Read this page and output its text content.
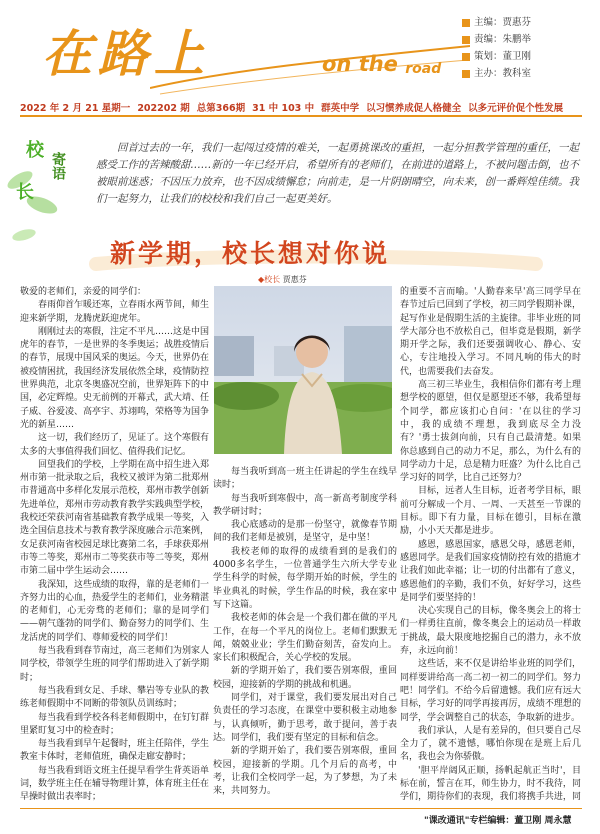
在路上	on the road
主编： 贾惠芬
责编： 朱鹏举
策划： 董卫刚
主办： 教科室
2022 年 2 月 21 星期一 202202 期 总第366期 31 中 103 中 群英中学 以习惯养成促人格健全 以多元评价促个性发展
校
长
寄语
回首过去的一年，我们一起闯过疫情的难关，一起勇挑课改的重担，一起分担教学管理的重任，一起感受工作的苦辣酸甜……新的一年已经开启，希望所有的老师们，在前进的道路上，不被问题击倒，也不被眼前迷惑；不因压力放弃，也不因成绩懈怠；向前走，是一片阴朗晴空，向未来，创一番辉煌佳绩。我们一起努力，让我们的校校和我们自己一起更美好。
新学期，校长想对你说
◆校长 贾惠芬

敬爱的老师们，亲爱的同学们：

春雨仰首乍暖还寒，立春雨水两节间，师生迎来新学期，龙腾虎跃迎虎年。

刚刚过去的寒假，注定不平凡……这是中国虎年的春节，一是世界的冬季奥运；战胜疫情后的春节，展现中国风采的奥运。今天，世界仍在被疫情困扰，我国经济发展依然全球，疫情防控世界典范，北京冬奥盛况空前，世界矩阵下的中国，必定辉煌。史无前例的开幕式，武大靖、任子威、谷爱凌、高亭宇、苏翊鸣，荣格等为国争光的新星……

这一切，我们经历了，见证了。这个寒假有太多的大事值得我们回忆、值得我们记忆。

回望我们的学校，上学期在高中招生进入郑州市第一批录取之后，我校又被评为第二批郑州市普通高中多样化发展示范校，郑州市教学创新先进单位，郑州市劳动教育教学实践典型学校，我校还荣获河南省基础教育教学成果一等奖，入选全国信息技术与教育教学深度融合示范案例，女足获河南省校园足球比赛第二名，手球获郑州市等二等奖，郑州市二等奖获市等二等奖，郑州市第二届中学生运动会……

我深知，这些成绩的取得，靠的是老师们一齐努力出的心血，热爱学生的老师们，业务精湛的老师们，心无旁骛的老师们；靠的是同学们——朝气蓬勃的同学们、勤奋努力的同学们、生龙活虎的同学们、尊师爱校的同学们！

每当我看到春节南过，高三老师们为别家人同学校，带领学生班的同学们帮助进入了新学期时；

每当我看到女足、手球、攀岩等专业队的教练老师假期中不同断的带领队员训练时；

每当我看到学校各科老师假期中，在钉钉群里紧盯复习中的检查时；

每当我看到早午起餐时，班主任陪伴，学生教室卡体时，老师值班，确保走廊安静时；

每当我看到语文班主任提早看学生背英语单词，数学班主任在辅导物理计算，体育班主任在早操时做出表率时；

每当我听到高一班主任讲起的学生在线早读时；

每当我听到寒假中，高一新高考制度学科教学研讨时；

我心底感动的是那一份坚守，就像春节期间的我们老师是被别，是坚守，是中坚！

我校老师的取得的成绩看到的是我们的4000多名学生，一位普通学生六所大学专业学生科学的时候，每学期开始的时候，学生的毕业典礼的时候，学生作品的时候，我在家中写下这篇。

我校老师的体会是一个我们都在做的平凡工作，在每一个平凡的岗位上。老师们默默无闻，兢兢业业；学生们勤奋刻苦，奋发向上。家长们积极配合，关心学校的发展。

新的学期开始了，我们要告别寒假，重回校园，迎接新的学期的挑战和机遇。

同学们，对于课堂，我们要发展出对自己负责任的学习态度，在课堂中要积极主动地参与，认真倾听，勤于思考，敢于提问，善于表达。同学们，我们要有坚定的目标和信念。

新的学期开始了，我们要告别寒假，重回校园，迎接新的学期。几个月后的高考，中考，让我们全校同学一起，为了梦想，为了未来，共同努力。

的重要不言而喻。'人勤春来早'高三同学早在春节过后已回到了学校，初三同学假期补课，起写作业是假期生活的主旋律。非毕业班的同学大部分也不放松自己，但毕竟是假期，新学期开学之际，我们还要强调收心、静心、安心，专注地投入学习。不同凡响的伟大的时代，也需要我们去奋发。

高三初三毕业生，我相信你们都有考上理想学校的愿望，但仅是愿望还不够，我希望每个同学，都应该扪心自问：'在以往的学习中，我的成绩不理想，我到底尽全力没有？'勇士拔剑向前，只有自己最清楚。如果你总感到自己的动力不足，那么，为什么有的同学动力十足，总是精力旺盛？为什么比自己学习好的同学，比自己还努力？

目标，远者人生目标，近者考学目标，眼前可分解成一个月、一周、一天甚至一节课的目标。即下有力量，目标在德引，目标在激励，小小天天都是进步。

感恩，感恩国家，感恩父母，感恩老师，感恩同学。是我们国家疫情防控有效的措施才让我们如此幸福；让一切的付出都有了意义，感恩他们的辛勤，我们不负，好好学习，这些是同学们要坚持的！

决心实现自己的目标，像冬奥会上的将士们一样勇往直前，像冬奥会上的运动员一样敢于挑战，最大限度地挖掘自己的潜力，永不放弃，永远向前！

这些话，来不仅是讲给毕业班的同学们，同样要讲给高一高二初一初二的同学们。努力吧！同学们。不给今后留遗憾。我们应有远大目标，学习好的同学再接再厉，成绩不理想的同学，学会调整自己的状态，争取新的进步。

我们承认，人是有差异的，但只要自己尽全力了，就不遗憾，哪怕你现在是班上后几名，我也会为你骄傲。

'胆平岸阔风正顺，扬帆起航正当时'，目标在前，誓言在耳，师生协力，时不我待，同学们，期待你们的表现，我们将携手共进，同

"课改通讯"专栏编辑：董卫刚 周永慧
